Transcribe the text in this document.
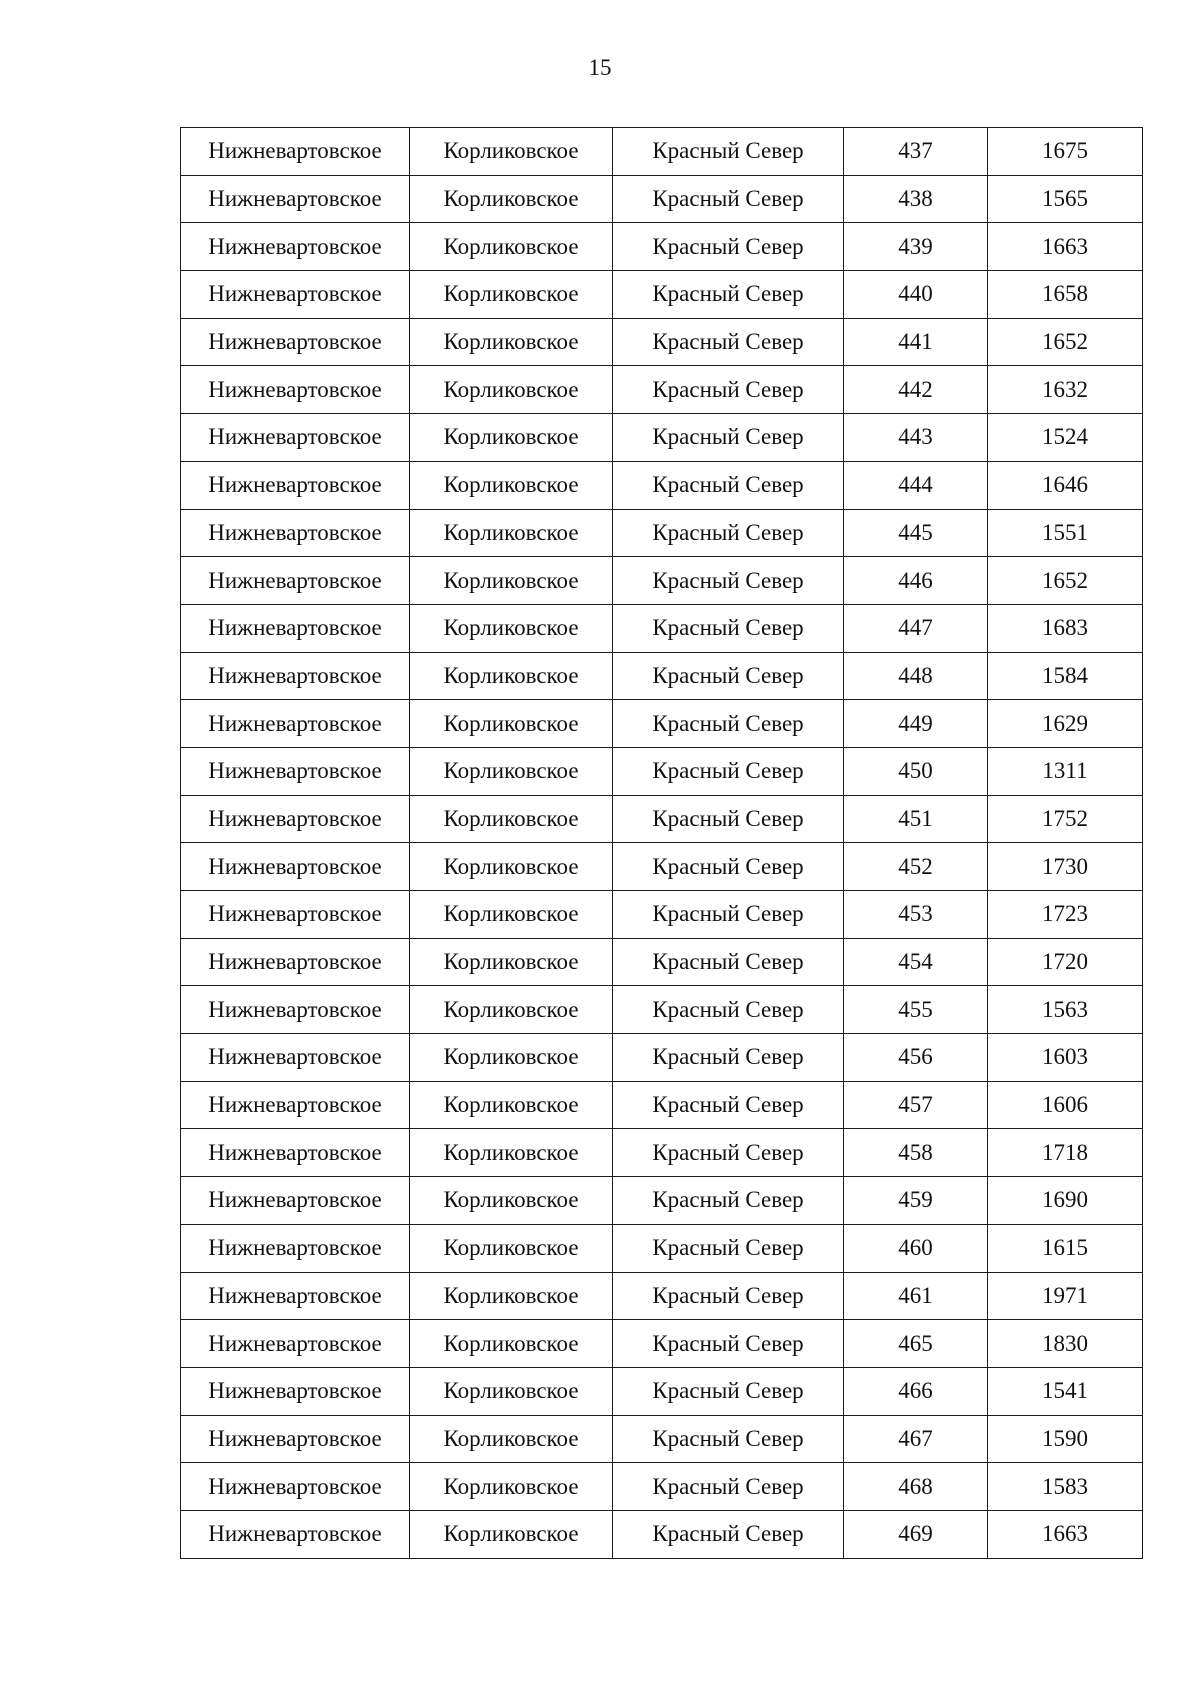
15
Нижневартовское	Корликовское	Красный Север	437	1675
Нижневартовское	Корликовское	Красный Север	438	1565
Нижневартовское	Корликовское	Красный Север	439	1663
Нижневартовское	Корликовское	Красный Север	440	1658
Нижневартовское	Корликовское	Красный Север	441	1652
Нижневартовское	Корликовское	Красный Север	442	1632
Нижневартовское	Корликовское	Красный Север	443	1524
Нижневартовское	Корликовское	Красный Север	444	1646
Нижневартовское	Корликовское	Красный Север	445	1551
Нижневартовское	Корликовское	Красный Север	446	1652
Нижневартовское	Корликовское	Красный Север	447	1683
Нижневартовское	Корликовское	Красный Север	448	1584
Нижневартовское	Корликовское	Красный Север	449	1629
Нижневартовское	Корликовское	Красный Север	450	1311
Нижневартовское	Корликовское	Красный Север	451	1752
Нижневартовское	Корликовское	Красный Север	452	1730
Нижневартовское	Корликовское	Красный Север	453	1723
Нижневартовское	Корликовское	Красный Север	454	1720
Нижневартовское	Корликовское	Красный Север	455	1563
Нижневартовское	Корликовское	Красный Север	456	1603
Нижневартовское	Корликовское	Красный Север	457	1606
Нижневартовское	Корликовское	Красный Север	458	1718
Нижневартовское	Корликовское	Красный Север	459	1690
Нижневартовское	Корликовское	Красный Север	460	1615
Нижневартовское	Корликовское	Красный Север	461	1971
Нижневартовское	Корликовское	Красный Север	465	1830
Нижневартовское	Корликовское	Красный Север	466	1541
Нижневартовское	Корликовское	Красный Север	467	1590
Нижневартовское	Корликовское	Красный Север	468	1583
Нижневартовское	Корликовское	Красный Север	469	1663
